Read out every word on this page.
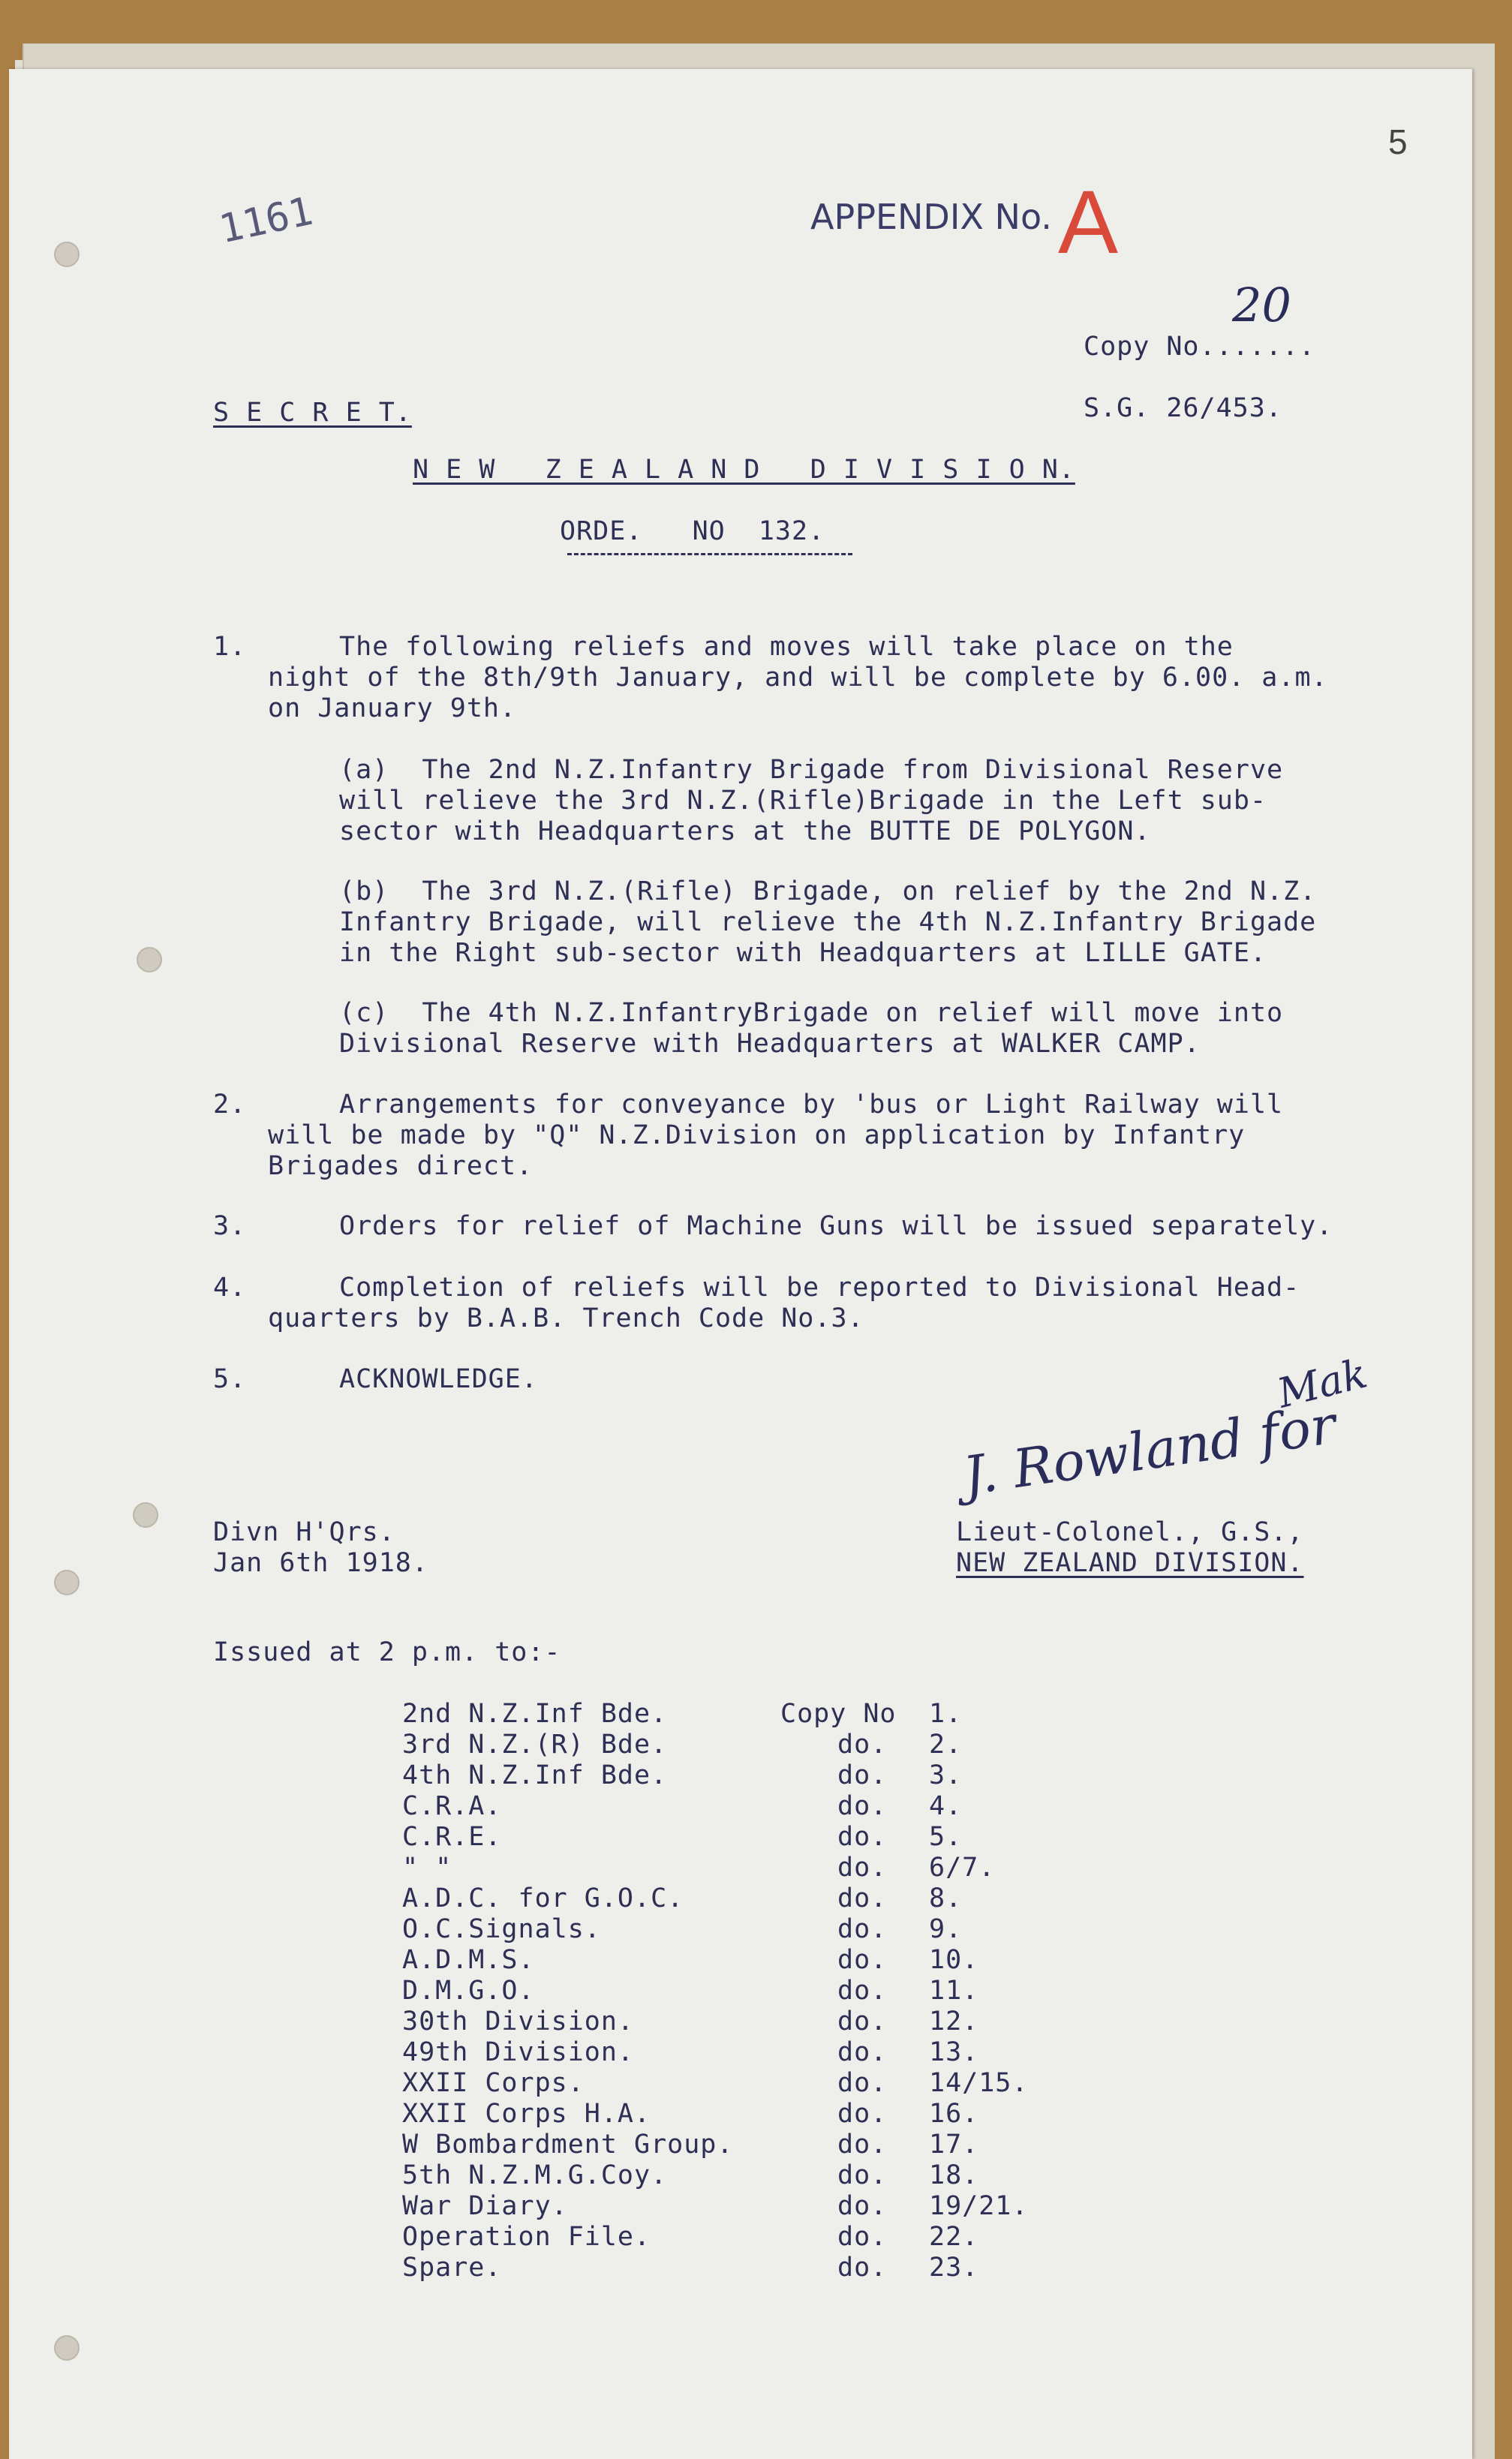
1161
5
APPENDIX No. A
Copy No.......
20
S E C R E T.	S.G. 26/453.
N E W   Z E A L A N D   D I V I S I O N.
ORDE.   NO  132.
1.	The following reliefs and moves will take place on the
night of the 8th/9th January, and will be complete by 6.00. a.m.
on January 9th.
(a)  The 2nd N.Z.Infantry Brigade from Divisional Reserve
will relieve the 3rd N.Z.(Rifle)Brigade in the Left sub-
sector with Headquarters at the BUTTE DE POLYGON.
(b)  The 3rd N.Z.(Rifle) Brigade, on relief by the 2nd N.Z.
Infantry Brigade, will relieve the 4th N.Z.Infantry Brigade
in the Right sub-sector with Headquarters at LILLE GATE.
(c)  The 4th N.Z.InfantryBrigade on relief will move into
Divisional Reserve with Headquarters at WALKER CAMP.
2.	Arrangements for conveyance by 'bus or Light Railway will
will be made by "Q" N.Z.Division on application by Infantry
Brigades direct.
3.	Orders for relief of Machine Guns will be issued separately.
4.	Completion of reliefs will be reported to Divisional Head-
quarters by B.A.B. Trench Code No.3.
5.	ACKNOWLEDGE.
J. Rowland for
Mak
Divn H'Qrs.
Jan 6th 1918.
Lieut-Colonel., G.S.,
NEW ZEALAND DIVISION.
Issued at 2 p.m. to:-
2nd N.Z.Inf Bde.	Copy No 1.
3rd N.Z.(R) Bde.	do. 2.
4th N.Z.Inf Bde.	do. 3.
C.R.A.	do. 4.
C.R.E.	do. 5.
" "	do. 6/7.
A.D.C. for G.O.C.	do. 8.
O.C.Signals.	do. 9.
A.D.M.S.	do. 10.
D.M.G.O.	do. 11.
30th Division.	do. 12.
49th Division.	do. 13.
XXII Corps.	do. 14/15.
XXII Corps H.A.	do. 16.
W Bombardment Group.	do. 17.
5th N.Z.M.G.Coy.	do. 18.
War Diary.	do. 19/21.
Operation File.	do. 22.
Spare.	do. 23.
